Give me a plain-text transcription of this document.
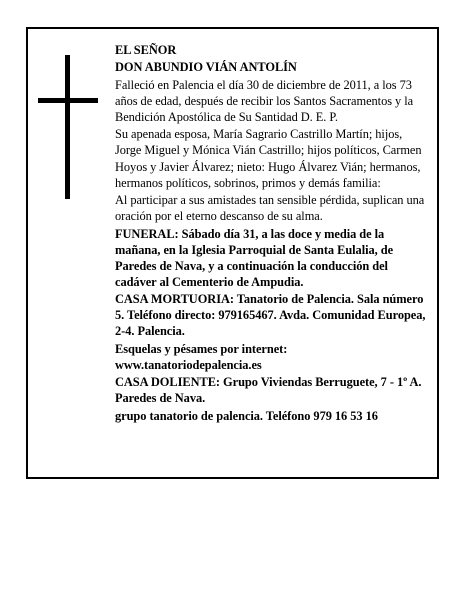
EL SEÑOR

DON ABUNDIO VIÁN ANTOLÍN

Falleció en Palencia el día 30 de diciembre de 2011, a los 73 años de edad, después de recibir los Santos Sacramentos y la Bendición Apostólica de Su Santidad D. E. P.

Su apenada esposa, María Sagrario Castrillo Martín; hijos, Jorge Miguel y Mónica Vián Castrillo; hijos políticos, Carmen Hoyos y Javier Álvarez; nieto: Hugo Álvarez Vián; hermanos, hermanos políticos, sobrinos, primos y demás familia:

Al participar a sus amistades tan sensible pérdida, suplican una oración por el eterno descanso de su alma.

FUNERAL: Sábado día 31, a las doce y media de la mañana, en la Iglesia Parroquial de Santa Eulalia, de Paredes de Nava, y a continuación la conducción del cadáver al Cementerio de Ampudia.

CASA MORTUORIA: Tanatorio de Palencia. Sala número 5. Teléfono directo: 979165467. Avda. Comunidad Europea, 2-4. Palencia.

Esquelas y pésames por internet: www.tanatoriodepalencia.es

CASA DOLIENTE: Grupo Viviendas Berruguete, 7 - 1º A. Paredes de Nava.

grupo tanatorio de palencia. Teléfono 979 16 53 16
